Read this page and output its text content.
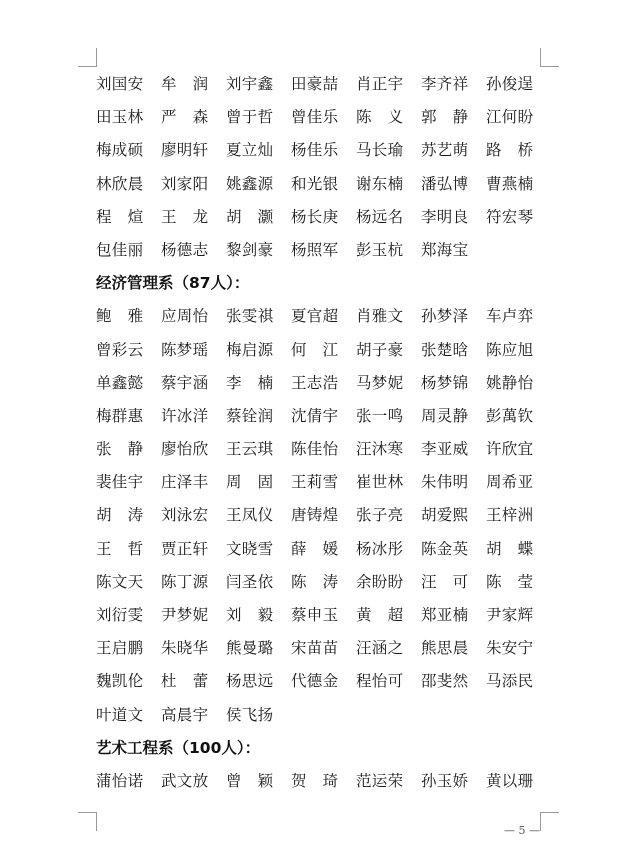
刘国安	牟　润	刘宇鑫	田豪喆	肖正宇	李齐祥	孙俊逞
田玉林	严　森	曾于哲	曾佳乐	陈　义	郭　静	江何盼
梅成硕	廖明轩	夏立灿	杨佳乐	马长瑜	苏艺萌	路　桥
林欣晨	刘家阳	姚鑫源	和光银	谢东楠	潘弘博	曹燕楠
程　煊	王　龙	胡　灏	杨长庚	杨远名	李明良	符宏琴
包佳丽	杨德志	黎剑豪	杨照军	彭玉杭	郑海宝
经济管理系（87人）：
鲍　雅	应周怡	张雯祺	夏官超	肖雅文	孙梦泽	车卢弈
曾彩云	陈梦瑶	梅启源	何　江	胡子豪	张楚晗	陈应旭
单鑫懿	蔡宇涵	李　楠	王志浩	马梦妮	杨梦锦	姚静怡
梅群惠	许冰洋	蔡铨润	沈倩宇	张一鸣	周灵静	彭萬钦
张　静	廖怡欣	王云琪	陈佳怡	汪沐寒	李亚威	许欣宜
裴佳宇	庄泽丰	周　固	王莉雪	崔世林	朱伟明	周希亚
胡　涛	刘泳宏	王凤仪	唐铸煌	张子亮	胡爱熙	王梓洲
王　哲	贾正轩	文晓雪	薛　媛	杨冰彤	陈金英	胡　蝶
陈文天	陈丁源	闫圣依	陈　涛	余盼盼	汪　可	陈　莹
刘衍雯	尹梦妮	刘　毅	蔡申玉	黄　超	郑亚楠	尹家辉
王启鹏	朱晓华	熊曼璐	宋苗苗	汪涵之	熊思晨	朱安宁
魏凯伦	杜　蕾	杨思远	代德金	程怡可	邵斐然	马添民
叶道文	高晨宇	侯飞扬
艺术工程系（100人）：
蒲怡诺	武文放	曾　颖	贺　琦	范运荣	孙玉娇	黄以珊
— 5 —
